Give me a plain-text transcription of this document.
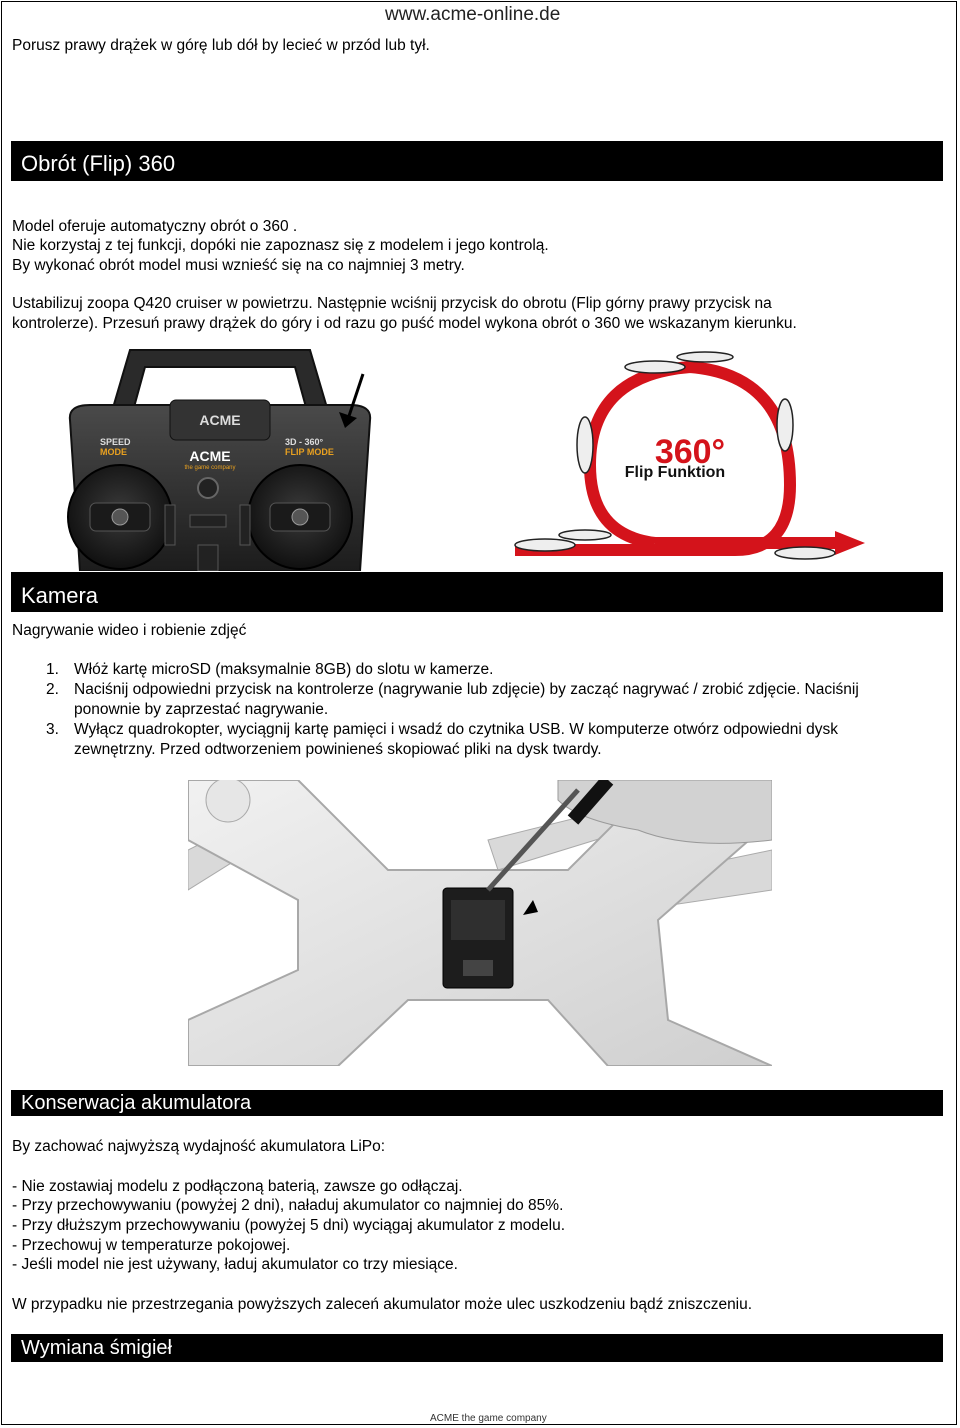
www.acme-online.de
Porusz prawy drążek w górę lub dół by lecieć w przód lub tył.
Obrót (Flip) 360
Model oferuje automatyczny obrót o 360 .
Nie korzystaj z tej funkcji, dopóki nie zapoznasz się z modelem i jego kontrolą.
By wykonać obrót model musi wznieść się na co najmniej 3 metry.
Ustabilizuj zoopa Q420 cruiser w powietrzu. Następnie wciśnij przycisk do obrotu (Flip górny prawy przycisk na
kontrolerze). Przesuń prawy drążek do góry i od razu go puść model wykona obrót o 360 we wskazanym kierunku.
ACME
SPEED
MODE
3D - 360°
FLIP MODE
ACME
the game company	360°
Flip Funktion
Kamera
Nagrywanie wideo i robienie zdjęć
1. Włóż kartę microSD (maksymalnie 8GB) do slotu w kamerze.
2. Naciśnij odpowiedni przycisk na kontrolerze (nagrywanie lub zdjęcie) by zacząć nagrywać / zrobić zdjęcie. Naciśnij
ponownie by zaprzestać nagrywanie.
3. Wyłącz quadrokopter, wyciągnij kartę pamięci i wsadź do czytnika USB. W komputerze otwórz odpowiedni dysk
zewnętrzny. Przed odtworzeniem powinieneś skopiować pliki na dysk twardy.
Konserwacja akumulatora
By zachować najwyższą wydajność akumulatora LiPo:
- Nie zostawiaj modelu z podłączoną baterią, zawsze go odłączaj.
- Przy przechowywaniu (powyżej 2 dni), naładuj akumulator co najmniej do 85%.
- Przy dłuższym przechowywaniu (powyżej 5 dni) wyciągaj akumulator z modelu.
- Przechowuj w temperaturze pokojowej.
- Jeśli model nie jest używany, ładuj akumulator co trzy miesiące.
W przypadku nie przestrzegania powyższych zaleceń akumulator może ulec uszkodzeniu bądź zniszczeniu.
Wymiana śmigieł
ACME the game company
